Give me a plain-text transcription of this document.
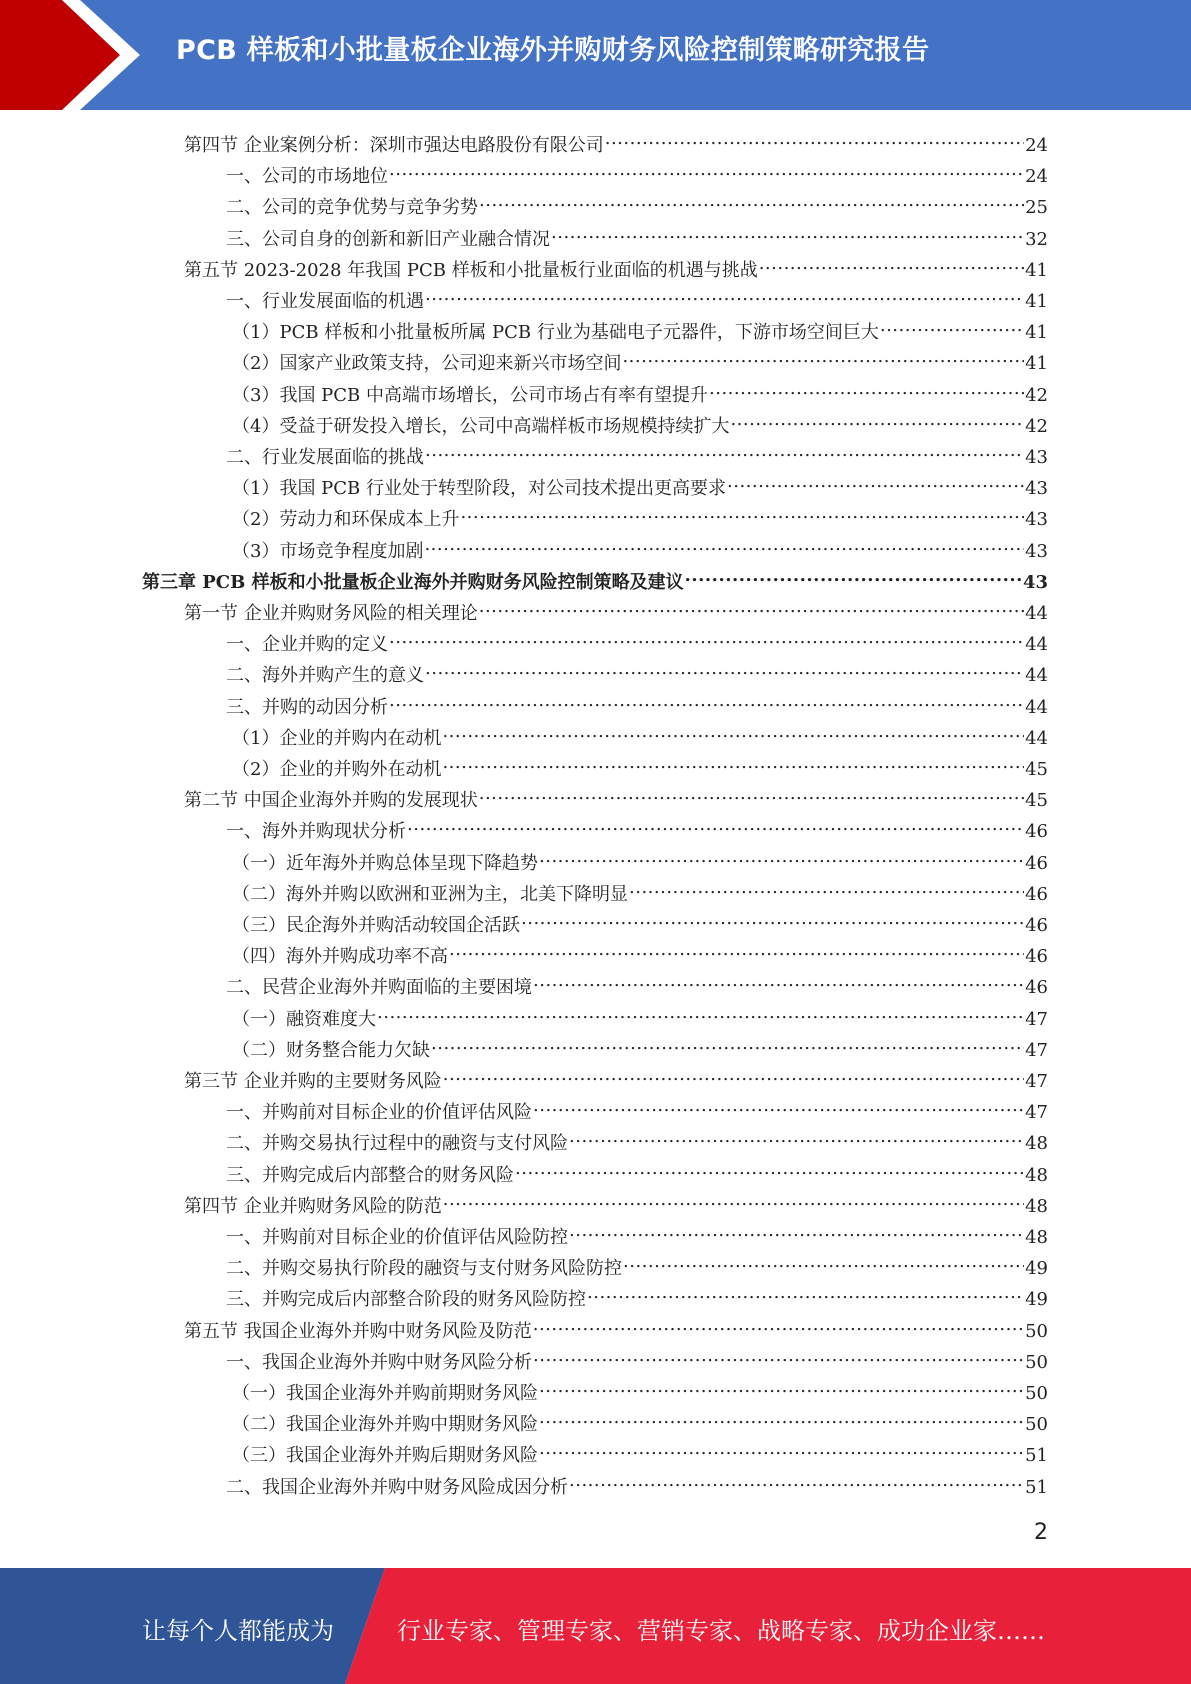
PCB 样板和小批量板企业海外并购财务风险控制策略研究报告
第四节 企业案例分析：深圳市强达电路股份有限公司 .....	24
一、公司的市场地位 .....	24
二、公司的竞争优势与竞争劣势 .....	25
三、公司自身的创新和新旧产业融合情况 .....	32
第五节 2023-2028 年我国 PCB 样板和小批量板行业面临的机遇与挑战 .....	41
一、行业发展面临的机遇 .....	41
（1）PCB 样板和小批量板所属 PCB 行业为基础电子元器件，下游市场空间巨大 .....	41
（2）国家产业政策支持，公司迎来新兴市场空间 .....	41
（3）我国 PCB 中高端市场增长，公司市场占有率有望提升 .....	42
（4）受益于研发投入增长，公司中高端样板市场规模持续扩大 .....	42
二、行业发展面临的挑战 .....	43
（1）我国 PCB 行业处于转型阶段，对公司技术提出更高要求 .....	43
（2）劳动力和环保成本上升 .....	43
（3）市场竞争程度加剧 .....	43
第三章 PCB 样板和小批量板企业海外并购财务风险控制策略及建议 .....	43
第一节 企业并购财务风险的相关理论 .....	44
一、企业并购的定义 .....	44
二、海外并购产生的意义 .....	44
三、并购的动因分析 .....	44
（1）企业的并购内在动机 .....	44
（2）企业的并购外在动机 .....	45
第二节 中国企业海外并购的发展现状 .....	45
一、海外并购现状分析 .....	46
（一）近年海外并购总体呈现下降趋势 .....	46
（二）海外并购以欧洲和亚洲为主，北美下降明显 .....	46
（三）民企海外并购活动较国企活跃 .....	46
（四）海外并购成功率不高 .....	46
二、民营企业海外并购面临的主要困境 .....	46
（一）融资难度大 .....	47
（二）财务整合能力欠缺 .....	47
第三节 企业并购的主要财务风险 .....	47
一、并购前对目标企业的价值评估风险 .....	47
二、并购交易执行过程中的融资与支付风险 .....	48
三、并购完成后内部整合的财务风险 .....	48
第四节 企业并购财务风险的防范 .....	48
一、并购前对目标企业的价值评估风险防控 .....	48
二、并购交易执行阶段的融资与支付财务风险防控 .....	49
三、并购完成后内部整合阶段的财务风险防控 .....	49
第五节 我国企业海外并购中财务风险及防范 .....	50
一、我国企业海外并购中财务风险分析 .....	50
（一）我国企业海外并购前期财务风险 .....	50
（二）我国企业海外并购中期财务风险 .....	50
（三）我国企业海外并购后期财务风险 .....	51
二、我国企业海外并购中财务风险成因分析 .....	51
2
让每个人都能成为	行业专家、管理专家、营销专家、战略专家、成功企业家……
